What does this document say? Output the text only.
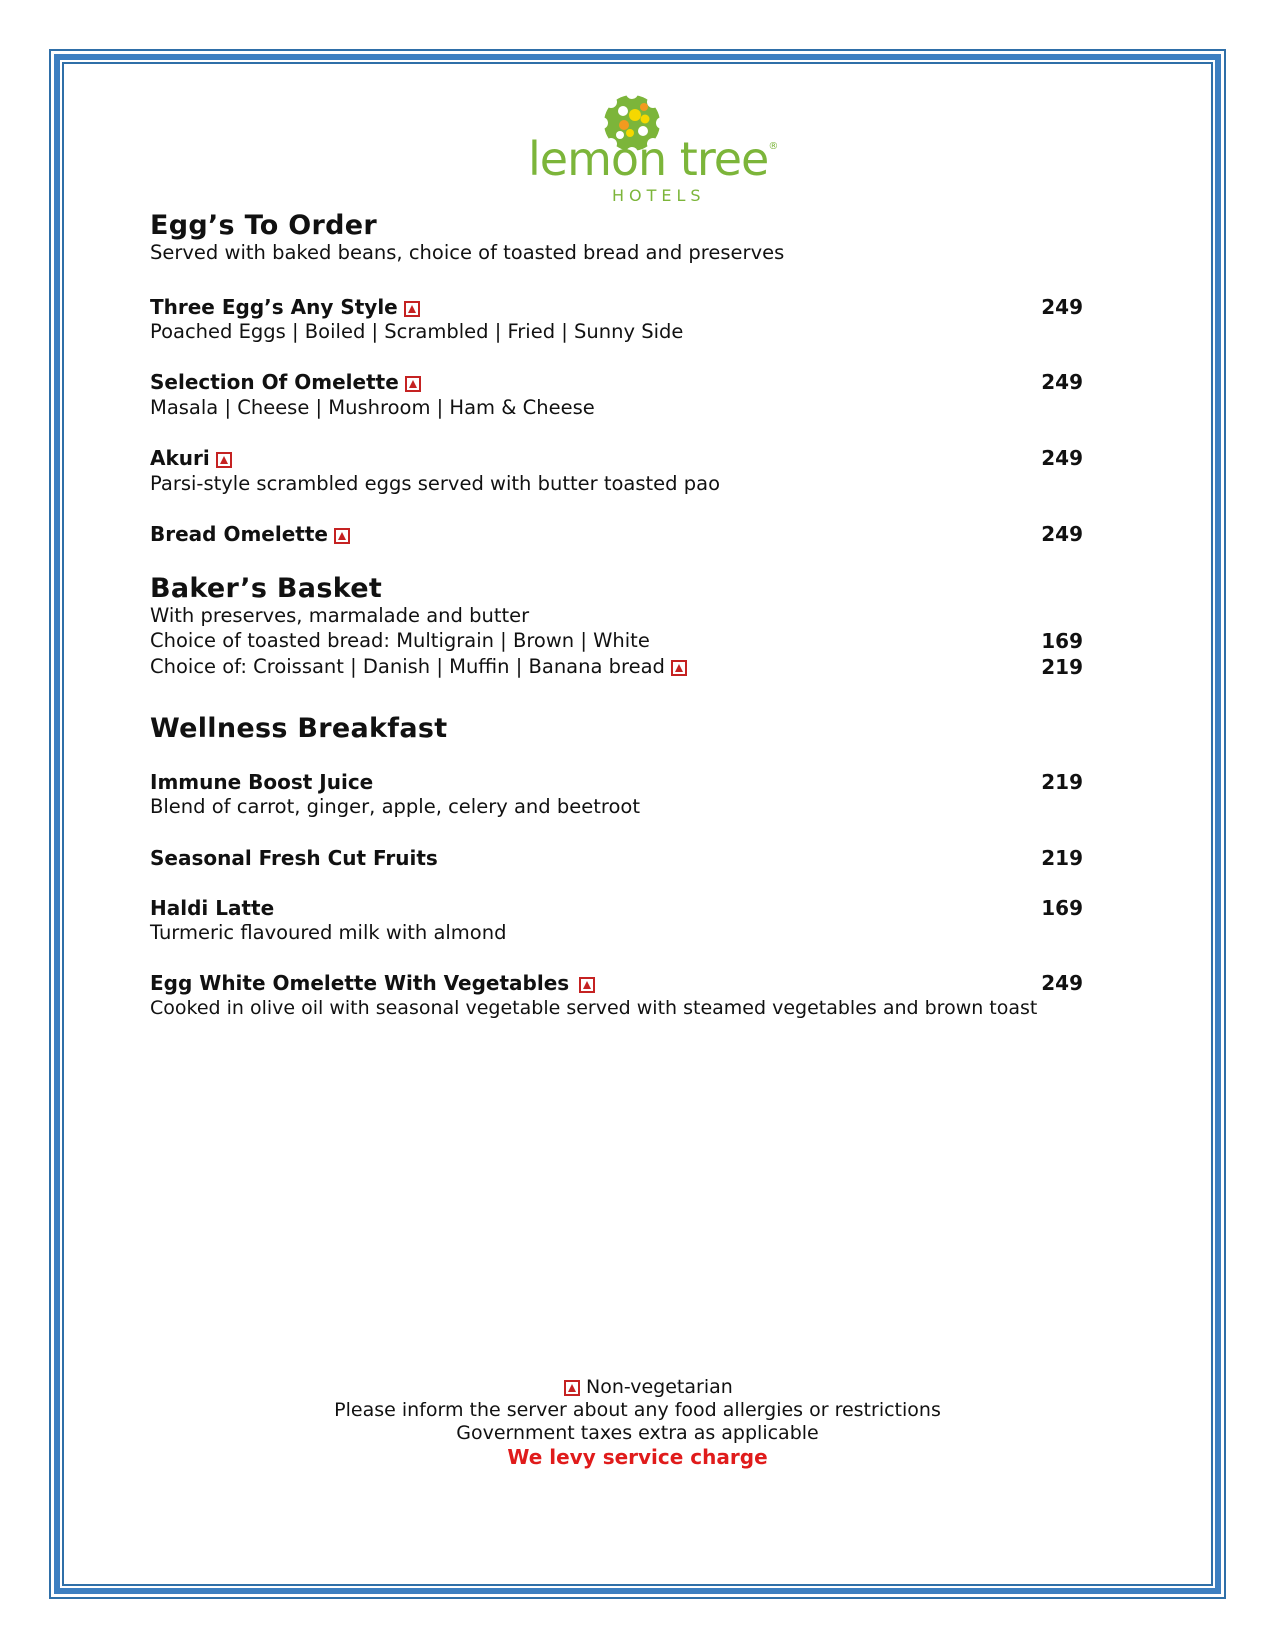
lemon tree®
HOTELS
Egg’s To Order
Served with baked beans, choice of toasted bread and preserves
Three Egg’s Any Style	249
Poached Eggs | Boiled | Scrambled | Fried | Sunny Side
Selection Of Omelette	249
Masala | Cheese | Mushroom | Ham & Cheese
Akuri	249
Parsi-style scrambled eggs served with butter toasted pao
Bread Omelette	249
Baker’s Basket
With preserves, marmalade and butter
Choice of toasted bread: Multigrain | Brown | White	169
Choice of: Croissant | Danish | Muffin | Banana bread	219
Wellness Breakfast
Immune Boost Juice	219
Blend of carrot, ginger, apple, celery and beetroot
Seasonal Fresh Cut Fruits	219
Haldi Latte	169
Turmeric flavoured milk with almond
Egg White Omelette With Vegetables	249
Cooked in olive oil with seasonal vegetable served with steamed vegetables and brown toast
Non-vegetarian
Please inform the server about any food allergies or restrictions
Government taxes extra as applicable
We levy service charge
